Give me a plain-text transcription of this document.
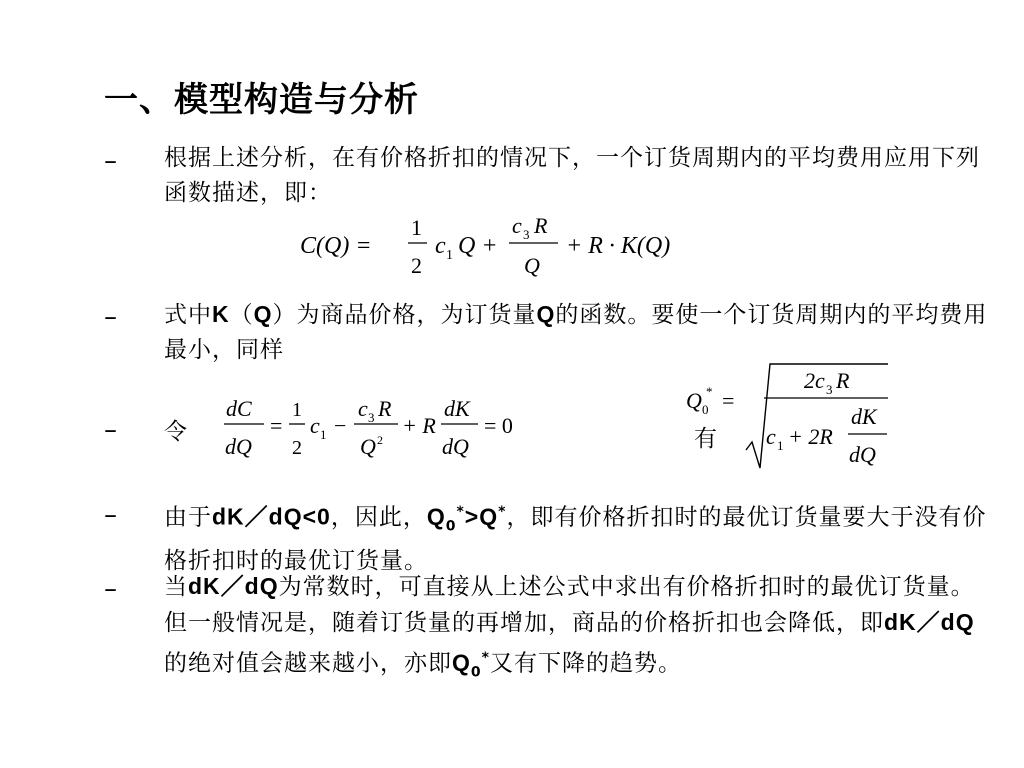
一、模型构造与分析
– 根据上述分析，在有价格折扣的情况下，一个订货周期内的平均费用应用下列函数描述，即：
C(Q) =
1
2
c 1 Q +
c 3 R
Q
+ R · K(Q)
– 式中K（Q）为商品价格，为订货量Q的函数。要使一个订货周期内的平均费用最小，同样
– 令
dC
dQ
=
1
2
c 1 −
c 3 R
Q 2
+ R
dK
dQ
= 0
有
Q 0
* =
2c 3 R
c 1 + 2R
dK
dQ
– 由于dK／dQ<0，因此，$Q_0^*>Q^*$，即有价格折扣时的最优订货量要大于没有价格折扣时的最优订货量。
– 当dK／dQ为常数时，可直接从上述公式中求出有价格折扣时的最优订货量。但一般情况是，随着订货量的再增加，商品的价格折扣也会降低，即dK／dQ的绝对值会越来越小，亦即$Q_0^*$又有下降的趋势。
